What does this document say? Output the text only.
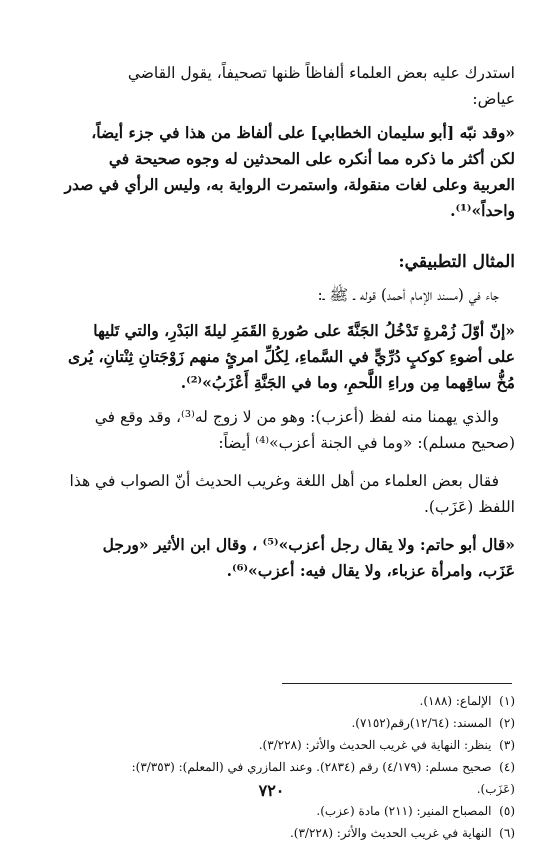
استدرك عليه بعض العلماء ألفاظاً ظنها تصحيفاً، يقول القاضي
عياض:
«وقد نبّه [أبو سليمان الخطابي] على ألفاظ من هذا في جزء أيضاً،
لكن أكثر ما ذكره مما أنكره على المحدثين له وجوه صحيحة في
العربية وعلى لغات منقولة، واستمرت الرواية به، وليس الرأي في صدر
واحداً»⁽¹⁾.
المثال التطبيقي:
جاء في (مسند الإمام أحمد) قوله ـ ﷺ ـ:
«إنّ أوّلَ زُمْرةٍ تَدْخُلُ الجَنَّةَ على صُورةِ القَمَرِ ليلةَ البَدْرِ، والتي تَليها
على أضوءِ كوكبٍ دُرِّيٍّ في السَّماءِ، لِكُلِّ امرئٍ منهم زَوْجَتانِ ثِنْتانِ، يُرى
مُخُّ ساقِهما مِن وراءِ اللَّحمِ، وما في الجَنَّةِ أَعْزَبُ»⁽²⁾.
والذي يهمنا منه لفظ (أعزب): وهو من لا زوج له⁽³⁾، وقد وقع في
(صحيح مسلم): «وما في الجنة أعزب»⁽⁴⁾ أيضاً:
فقال بعض العلماء من أهل اللغة وغريب الحديث أنّ الصواب في هذا
اللفظ (عَزَب).
«قال أبو حاتم: ولا يقال رجل أعزب»⁽⁵⁾ ، وقال ابن الأثير «ورجل
عَزَب، وامرأة عزباء، ولا يقال فيه: أعزب»⁽⁶⁾.
(١)  الإلماع: (١٨٨).
(٢)  المسند: (١٢/٦٤)رقم(٧١٥٢).
(٣)  ينظر: النهاية في غريب الحديث والأثر: (٣/٢٢٨).
(٤)  صحيح مسلم: (٤/١٧٩) رقم (٢٨٣٤). وعند المازري في (المعلم): (٣/٣٥٣):
(عَزَب).
(٥)  المصباح المنير: (٢١١) مادة (عزب).
(٦)  النهاية في غريب الحديث والأثر: (٣/٢٢٨).
٧٢٠
